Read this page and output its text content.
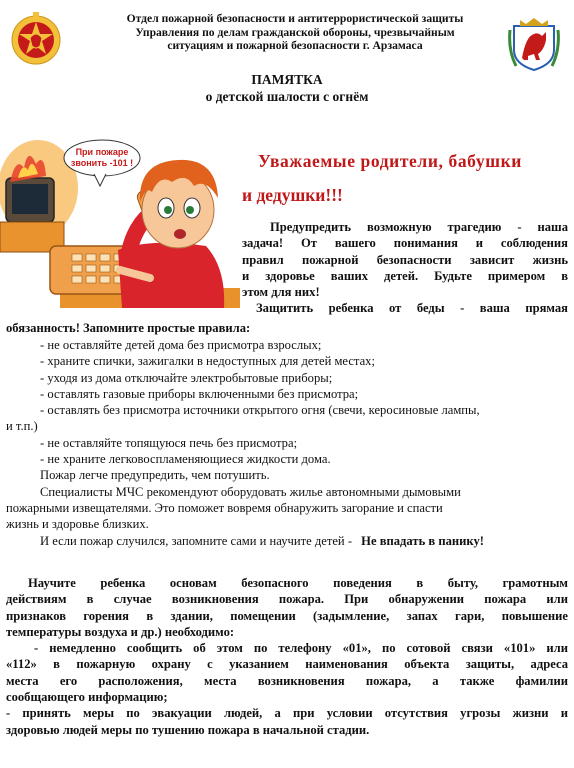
Отдел пожарной безопасности и антитеррористической защиты
Управления по делам гражданской обороны, чрезвычайным
ситуациям и пожарной безопасности г. Арзамаса
ПАМЯТКА
о детской шалости с огнём
При пожаре
звонить -101 !	Уважаемые родители, бабушки
и дедушки!!!
Предупредить возможную трагедию - наша
задача! От вашего понимания и соблюдения
правил пожарной безопасности зависит жизнь
и здоровье ваших детей. Будьте примером в
этом для них!
Защитить ребенка от беды - ваша прямая
обязанность! Запомните простые правила:
- не оставляйте детей дома без присмотра взрослых;
- храните спички, зажигалки в недоступных для детей местах;
- уходя из дома отключайте электробытовые приборы;
- оставлять газовые приборы включенными без присмотра;
- оставлять без присмотра источники открытого огня (свечи, керосиновые лампы,
и т.п.)
- не оставляйте топящуюся печь без присмотра;
- не храните легковоспламеняющиеся жидкости дома.
Пожар легче предупредить, чем потушить.
Специалисты МЧС рекомендуют оборудовать жилье автономными дымовыми
пожарными извещателями. Это поможет вовремя обнаружить загорание и спасти
жизнь и здоровье близких.
И если пожар случился, запомните сами и научите детей - Не впадать в панику!
Научите ребенка основам безопасного поведения в быту, грамотным
действиям в случае возникновения пожара. При обнаружении пожара или
признаков горения в здании, помещении (задымление, запах гари, повышение
температуры воздуха и др.) необходимо:
- немедленно сообщить об этом по телефону «01», по сотовой связи «101» или
«112» в пожарную охрану с указанием наименования объекта защиты, адреса
места его расположения, места возникновения пожара, а также фамилии
сообщающего информацию;
- принять меры по эвакуации людей, а при условии отсутствия угрозы жизни и
здоровью людей меры по тушению пожара в начальной стадии.
